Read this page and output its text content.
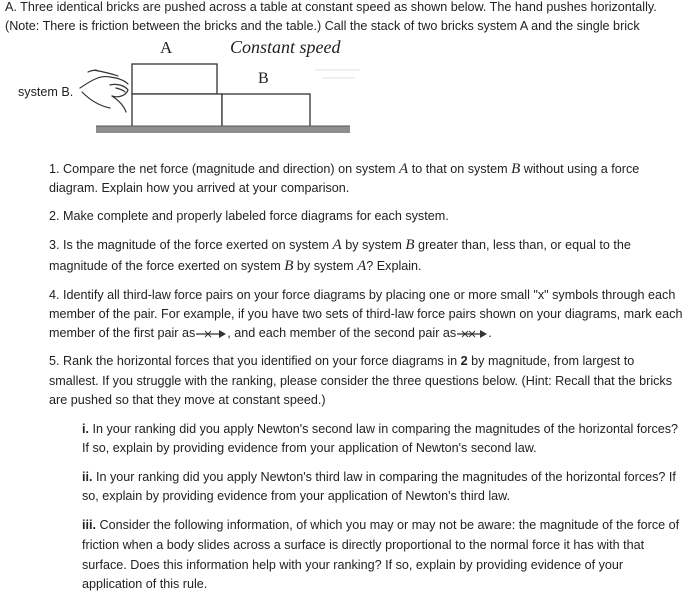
A. Three identical bricks are pushed across a table at constant speed as shown below. The hand pushes horizontally.
(Note: There is friction between the bricks and the table.) Call the stack of two bricks system A and the single brick
system B.
A	Constant speed
B
1. Compare the net force (magnitude and direction) on system A to that on system B without using a force
diagram. Explain how you arrived at your comparison.
2. Make complete and properly labeled force diagrams for each system.
3. Is the magnitude of the force exerted on system A by system B greater than, less than, or equal to the
magnitude of the force exerted on system B by system A? Explain.
4. Identify all third-law force pairs on your force diagrams by placing one or more small "x" symbols through each
member of the pair. For example, if you have two sets of third-law force pairs shown on your diagrams, mark each
member of the first pair as	, and each member of the second pair as	.
5. Rank the horizontal forces that you identified on your force diagrams in 2 by magnitude, from largest to
smallest. If you struggle with the ranking, please consider the three questions below. (Hint: Recall that the bricks
are pushed so that they move at constant speed.)
i. In your ranking did you apply Newton's second law in comparing the magnitudes of the horizontal forces?
If so, explain by providing evidence from your application of Newton's second law.
ii. In your ranking did you apply Newton's third law in comparing the magnitudes of the horizontal forces? If
so, explain by providing evidence from your application of Newton's third law.
iii. Consider the following information, of which you may or may not be aware: the magnitude of the force of
friction when a body slides across a surface is directly proportional to the normal force it has with that
surface. Does this information help with your ranking? If so, explain by providing evidence of your
application of this rule.
